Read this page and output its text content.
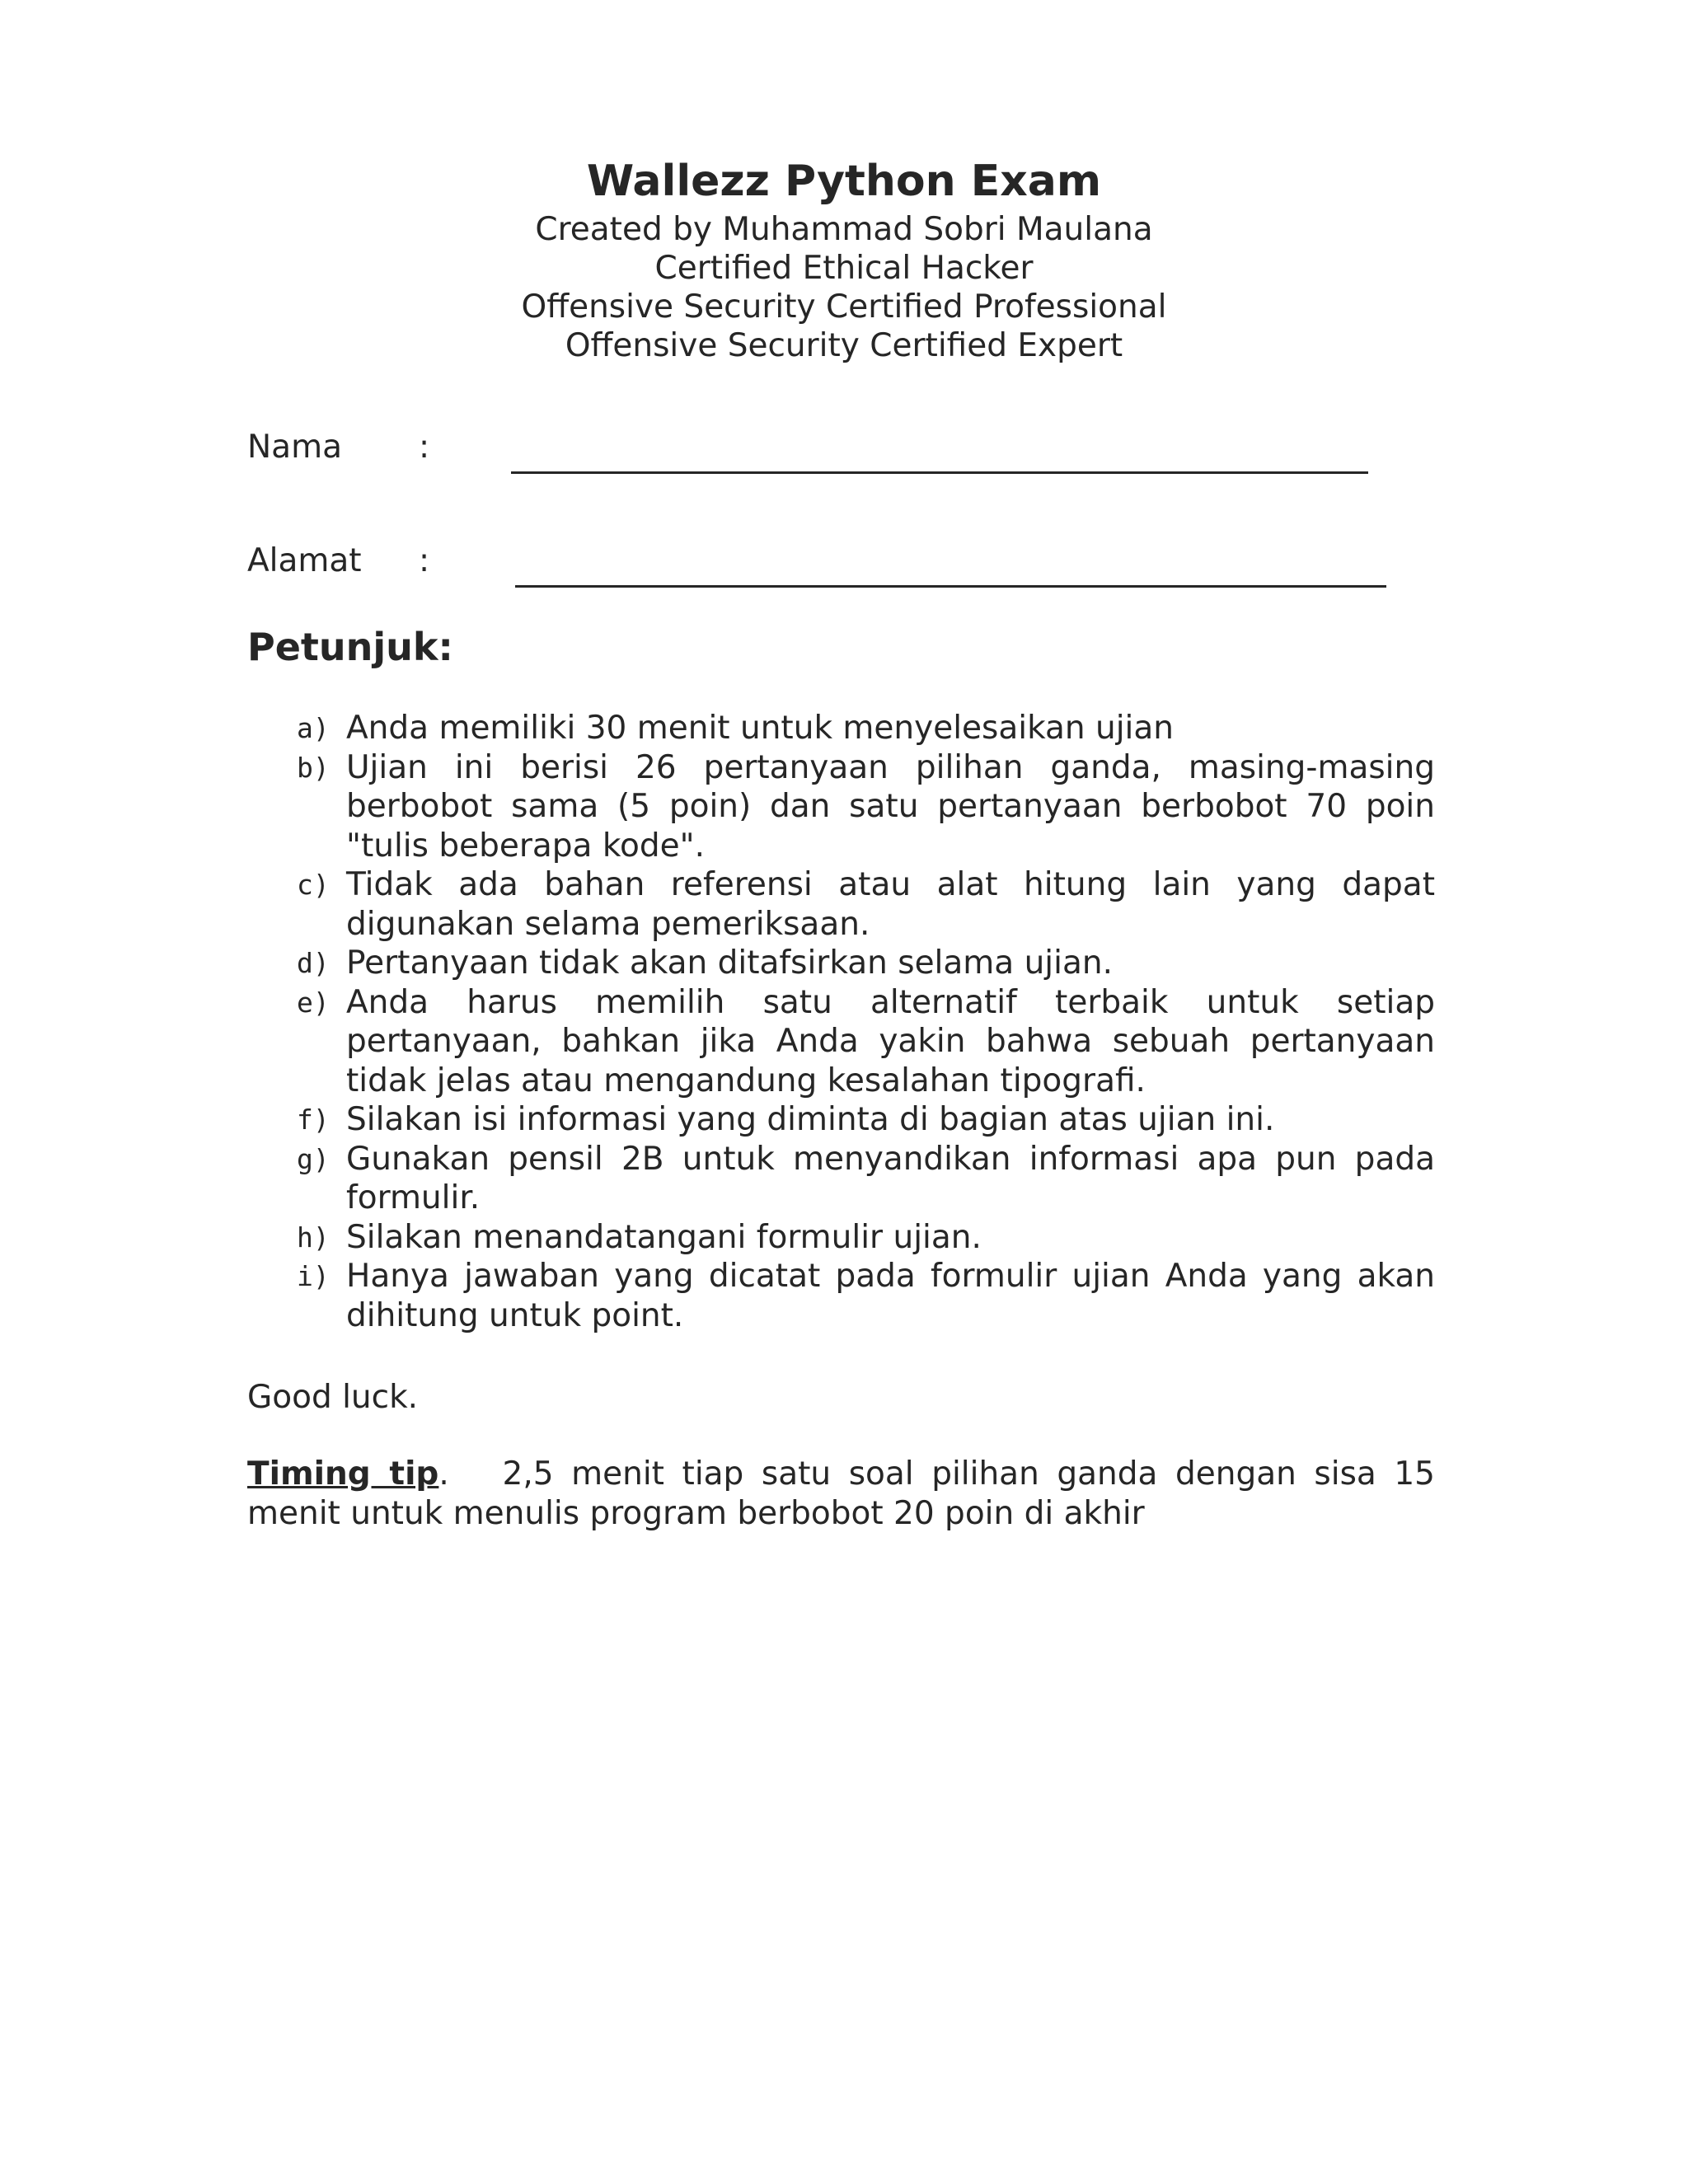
Wallezz Python Exam

Created by Muhammad Sobri Maulana

Certified Ethical Hacker

Offensive Security Certified Professional

Offensive Security Certified Expert

Nama :
Alamat :
Petunjuk:
a) Anda memiliki 30 menit untuk menyelesaikan ujian
b) Ujian ini berisi 26 pertanyaan pilihan ganda, masing-masing berbobot sama (5 poin) dan satu pertanyaan berbobot 70 poin "tulis beberapa kode".
c) Tidak ada bahan referensi atau alat hitung lain yang dapat digunakan selama pemeriksaan.
d) Pertanyaan tidak akan ditafsirkan selama ujian.
e) Anda harus memilih satu alternatif terbaik untuk setiap pertanyaan, bahkan jika Anda yakin bahwa sebuah pertanyaan tidak jelas atau mengandung kesalahan tipografi.
f) Silakan isi informasi yang diminta di bagian atas ujian ini.
g) Gunakan pensil 2B untuk menyandikan informasi apa pun pada formulir.
h) Silakan menandatangani formulir ujian.
i) Hanya jawaban yang dicatat pada formulir ujian Anda yang akan dihitung untuk point.

Good luck.

Timing tip. 2,5 menit tiap satu soal pilihan ganda dengan sisa 15 menit untuk menulis program berbobot 20 poin di akhir
